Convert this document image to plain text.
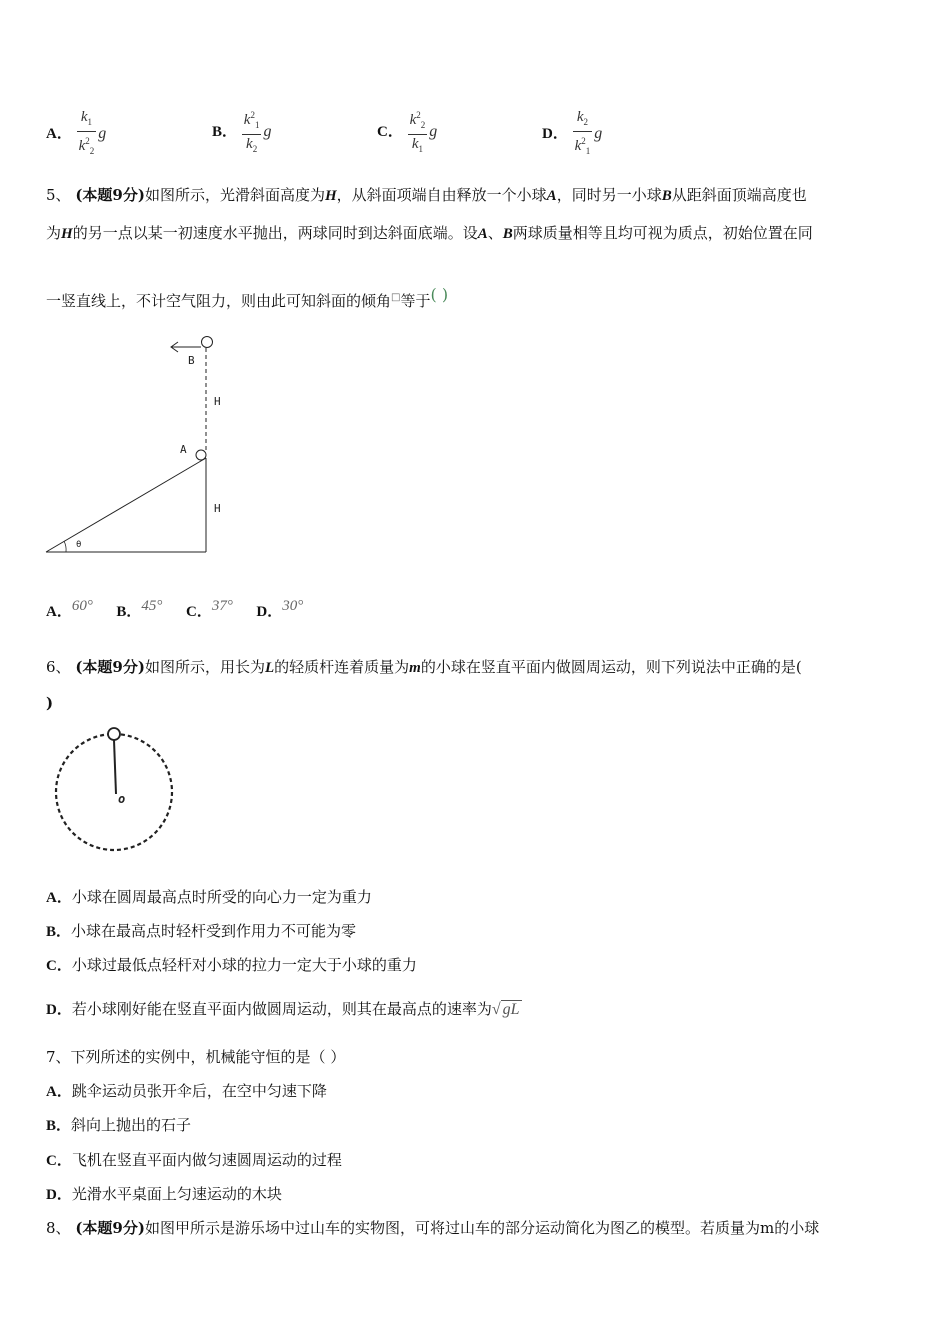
A． $\frac{k_1}{k^2_2}$ g	B． $\frac{k^2_1}{k_2}$ g	C． $\frac{k^2_2}{k_1}$ g	D． $\frac{k_2}{k^2_1}$ g
5、 (本题9分)如图所示，光滑斜面高度为H，从斜面项端自由释放一个小球A，同时另一小球B从距斜面顶端高度也
为H的另一点以某一初速度水平抛出，两球同时到达斜面底端。设A、B两球质量相等且均可视为质点，初始位置在同
一竖直线上，不计空气阻力，则由此可知斜面的倾角□等于( )
B
H
A
H
θ
A．$^{60^\circ}$ B．$^{45^\circ}$ C．$^{37^\circ}$ D．$^{30^\circ}$
6、 (本题9分)如图所示，用长为L的轻质杆连着质量为m的小球在竖直平面内做圆周运动，则下列说法中正确的是(
)
o
A．小球在圆周最高点时所受的向心力一定为重力
B．小球在最高点时轻杆受到作用力不可能为零
C．小球过最低点轻杆对小球的拉力一定大于小球的重力
D．若小球刚好能在竖直平面内做圆周运动，则其在最高点的速率为√ gL
7、下列所述的实例中，机械能守恒的是（ ）
A．跳伞运动员张开伞后，在空中匀速下降
B．斜向上抛出的石子
C．飞机在竖直平面内做匀速圆周运动的过程
D．光滑水平桌面上匀速运动的木块
8、 (本题9分)如图甲所示是游乐场中过山车的实物图，可将过山车的部分运动简化为图乙的模型。若质量为m的小球
